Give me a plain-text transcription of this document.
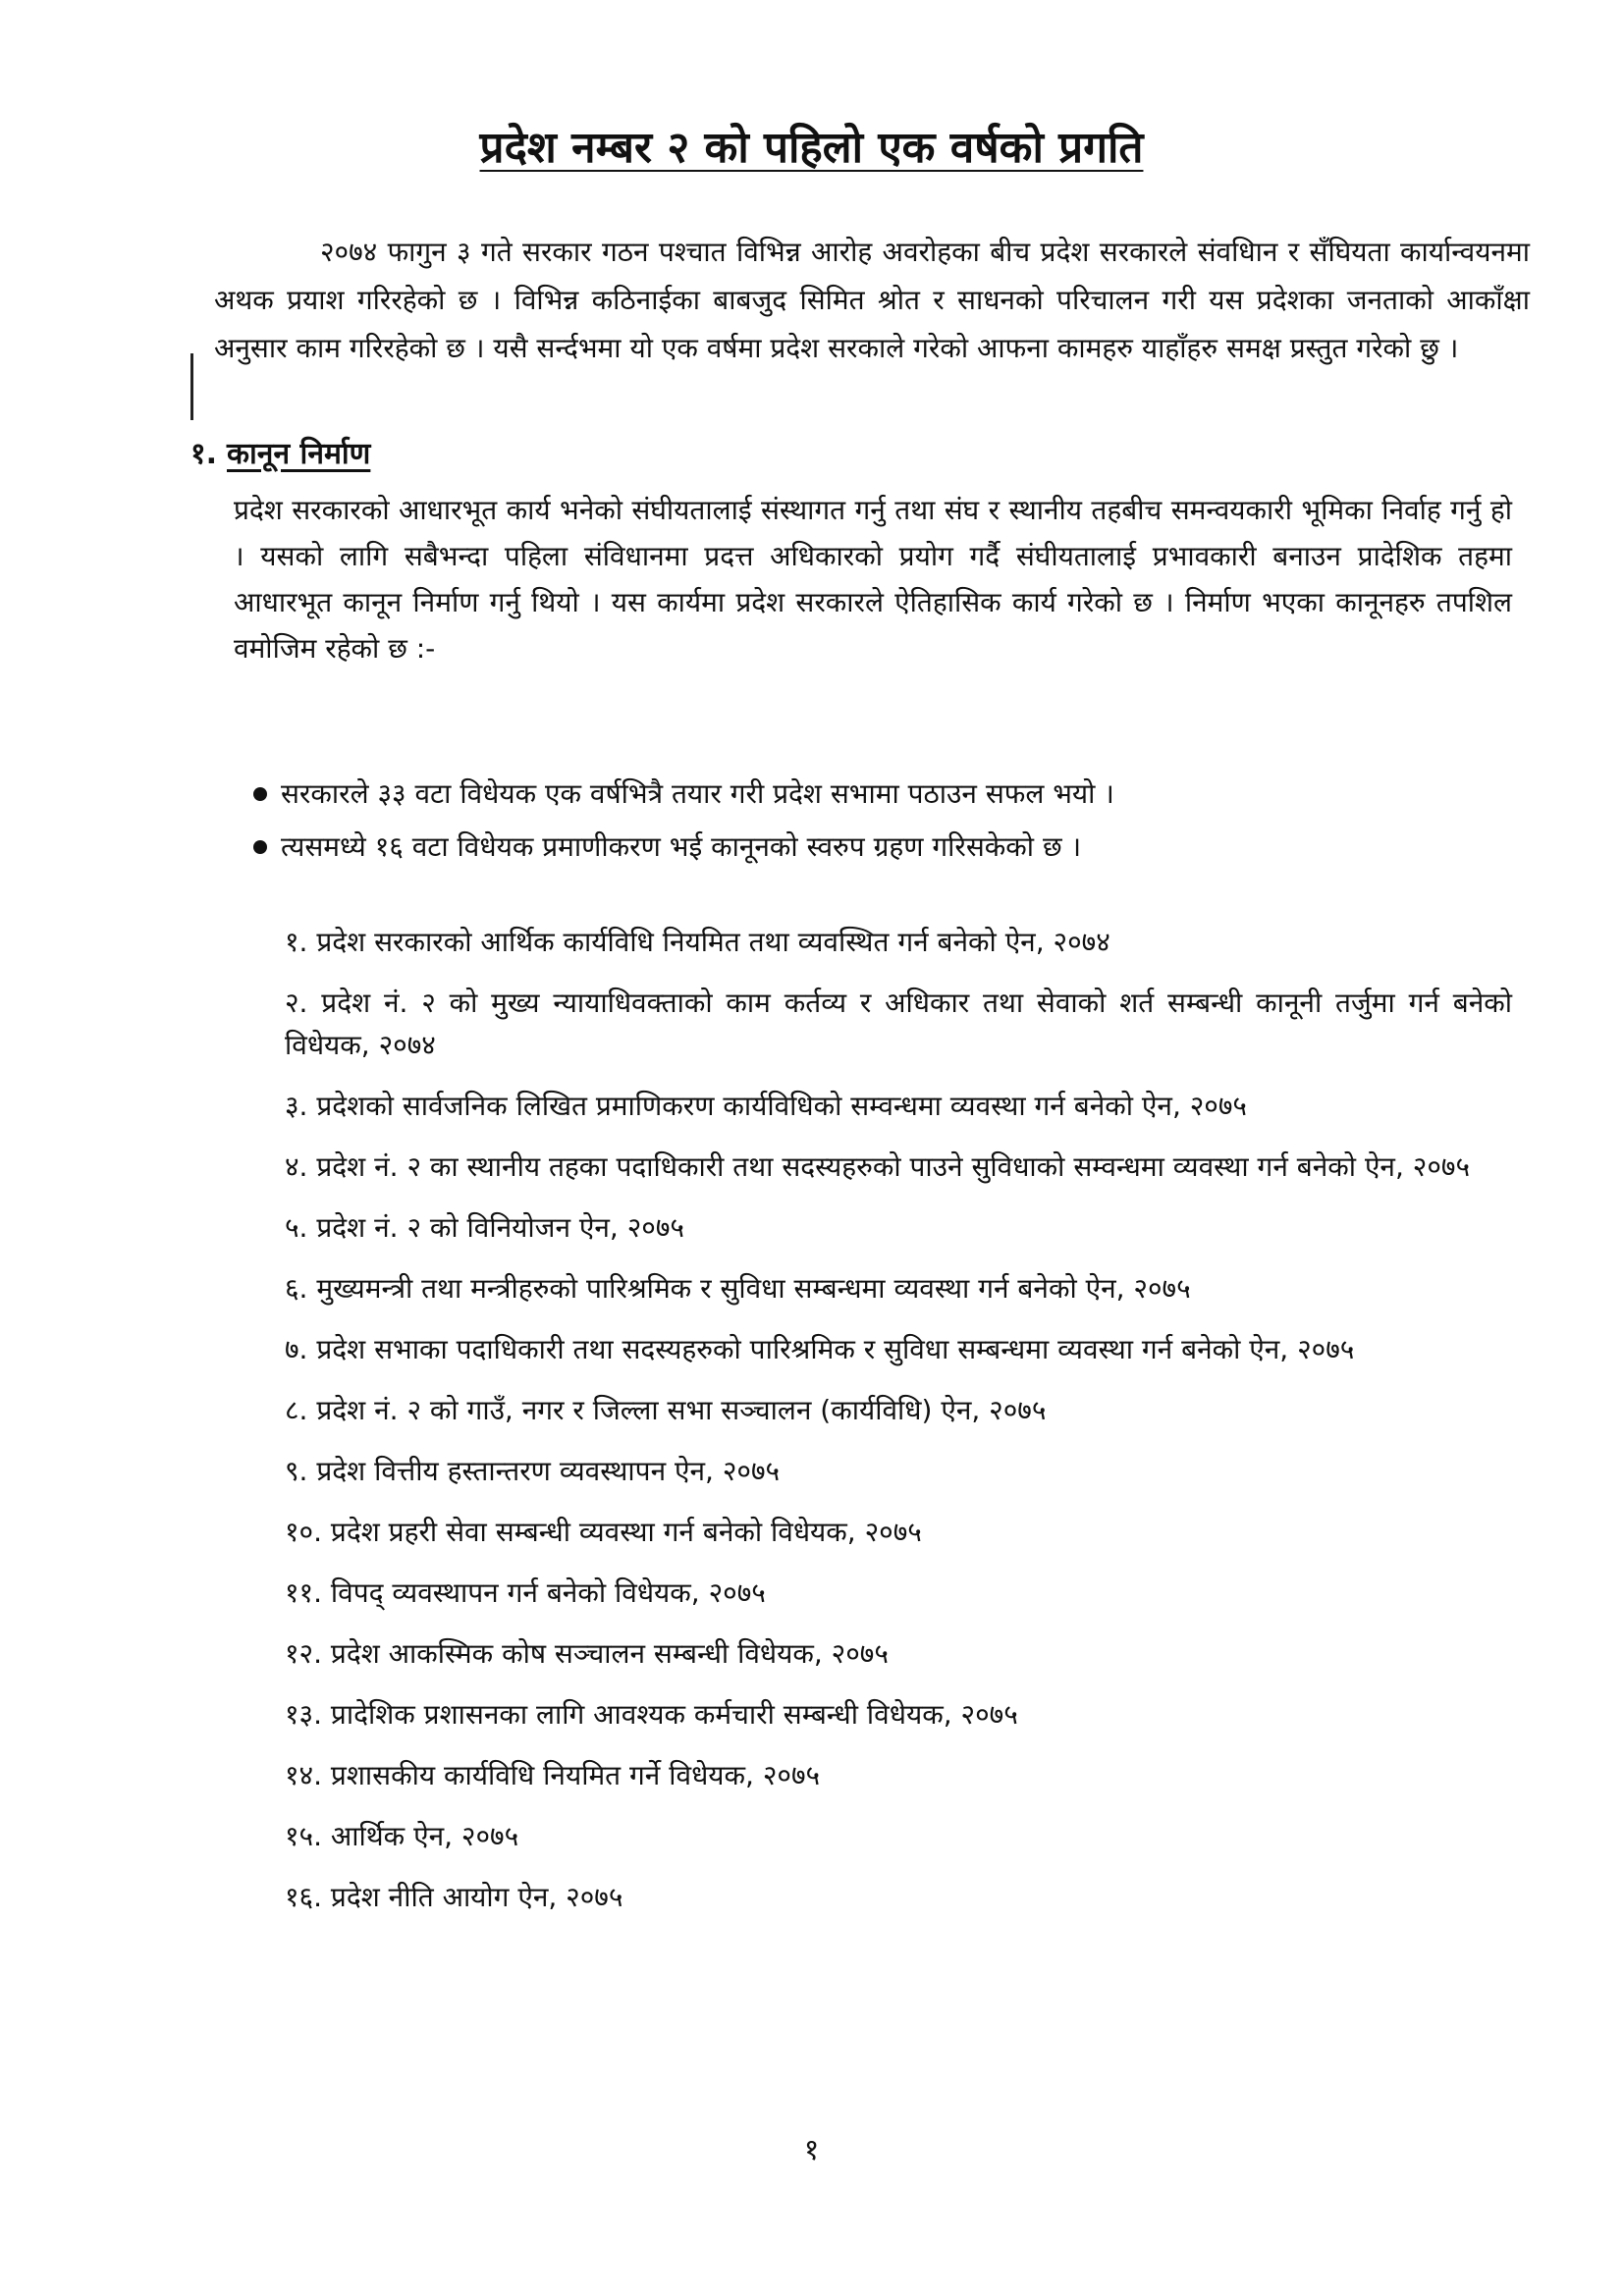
प्रदेश नम्बर २ को पहिलो एक वर्षको प्रगति
२०७४ फागुन ३ गते सरकार गठन पश्चात विभिन्न आरोह अवरोहका बीच प्रदेश सरकारले संवधिान र सँघियता कार्यान्वयनमा अथक प्रयाश गरिरहेको छ । विभिन्न कठिनाईका बाबजुद सिमित श्रोत र साधनको परिचालन गरी यस प्रदेशका जनताको आकाँक्षा अनुसार काम गरिरहेको छ । यसै सर्न्दभमा यो एक वर्षमा प्रदेश सरकाले गरेको आफना कामहरु याहाँहरु समक्ष प्रस्तुत गरेको छु ।
१. कानून निर्माण
प्रदेश सरकारको आधारभूत कार्य भनेको संघीयतालाई संस्थागत गर्नु तथा संघ र स्थानीय तहबीच समन्वयकारी भूमिका निर्वाह गर्नु हो । यसको लागि सबैभन्दा पहिला संविधानमा प्रदत्त अधिकारको प्रयोग गर्दै संघीयतालाई प्रभावकारी बनाउन प्रादेशिक तहमा आधारभूत कानून निर्माण गर्नु थियो । यस कार्यमा प्रदेश सरकारले ऐतिहासिक कार्य गरेको छ । निर्माण भएका कानूनहरु तपशिल वमोजिम रहेको छ :-
सरकारले ३३ वटा विधेयक एक वर्षभित्रै तयार गरी प्रदेश सभामा पठाउन सफल भयो ।
त्यसमध्ये १६ वटा विधेयक प्रमाणीकरण भई कानूनको स्वरुप ग्रहण गरिसकेको छ ।
१. प्रदेश सरकारको आर्थिक कार्यविधि नियमित तथा व्यवस्थित गर्न बनेको ऐन, २०७४
२. प्रदेश नं. २ को मुख्य न्यायाधिवक्ताको काम कर्तव्य र अधिकार तथा सेवाको शर्त सम्बन्धी कानूनी तर्जुमा गर्न बनेको विधेयक, २०७४
३. प्रदेशको सार्वजनिक लिखित प्रमाणिकरण कार्यविधिको सम्वन्धमा व्यवस्था गर्न बनेको ऐन, २०७५
४. प्रदेश नं. २ का स्थानीय तहका पदाधिकारी तथा सदस्यहरुको पाउने सुविधाको सम्वन्धमा व्यवस्था गर्न बनेको ऐन, २०७५
५. प्रदेश नं. २ को विनियोजन ऐन, २०७५
६. मुख्यमन्त्री तथा मन्त्रीहरुको पारिश्रमिक र सुविधा सम्बन्धमा व्यवस्था गर्न बनेको ऐन, २०७५
७. प्रदेश सभाका पदाधिकारी तथा सदस्यहरुको पारिश्रमिक र सुविधा सम्बन्धमा व्यवस्था गर्न बनेको ऐन, २०७५
८. प्रदेश नं. २ को गाउँ, नगर र जिल्ला सभा सञ्चालन (कार्यविधि) ऐन, २०७५
९. प्रदेश वित्तीय हस्तान्तरण व्यवस्थापन ऐन, २०७५
१०. प्रदेश प्रहरी सेवा सम्बन्धी व्यवस्था गर्न बनेको विधेयक, २०७५
११. विपद् व्यवस्थापन गर्न बनेको विधेयक, २०७५
१२. प्रदेश आकस्मिक कोष सञ्चालन सम्बन्धी विधेयक, २०७५
१३. प्रादेशिक प्रशासनका लागि आवश्यक कर्मचारी सम्बन्धी विधेयक, २०७५
१४. प्रशासकीय कार्यविधि नियमित गर्ने विधेयक, २०७५
१५. आर्थिक ऐन, २०७५
१६. प्रदेश नीति आयोग ऐन, २०७५
१
